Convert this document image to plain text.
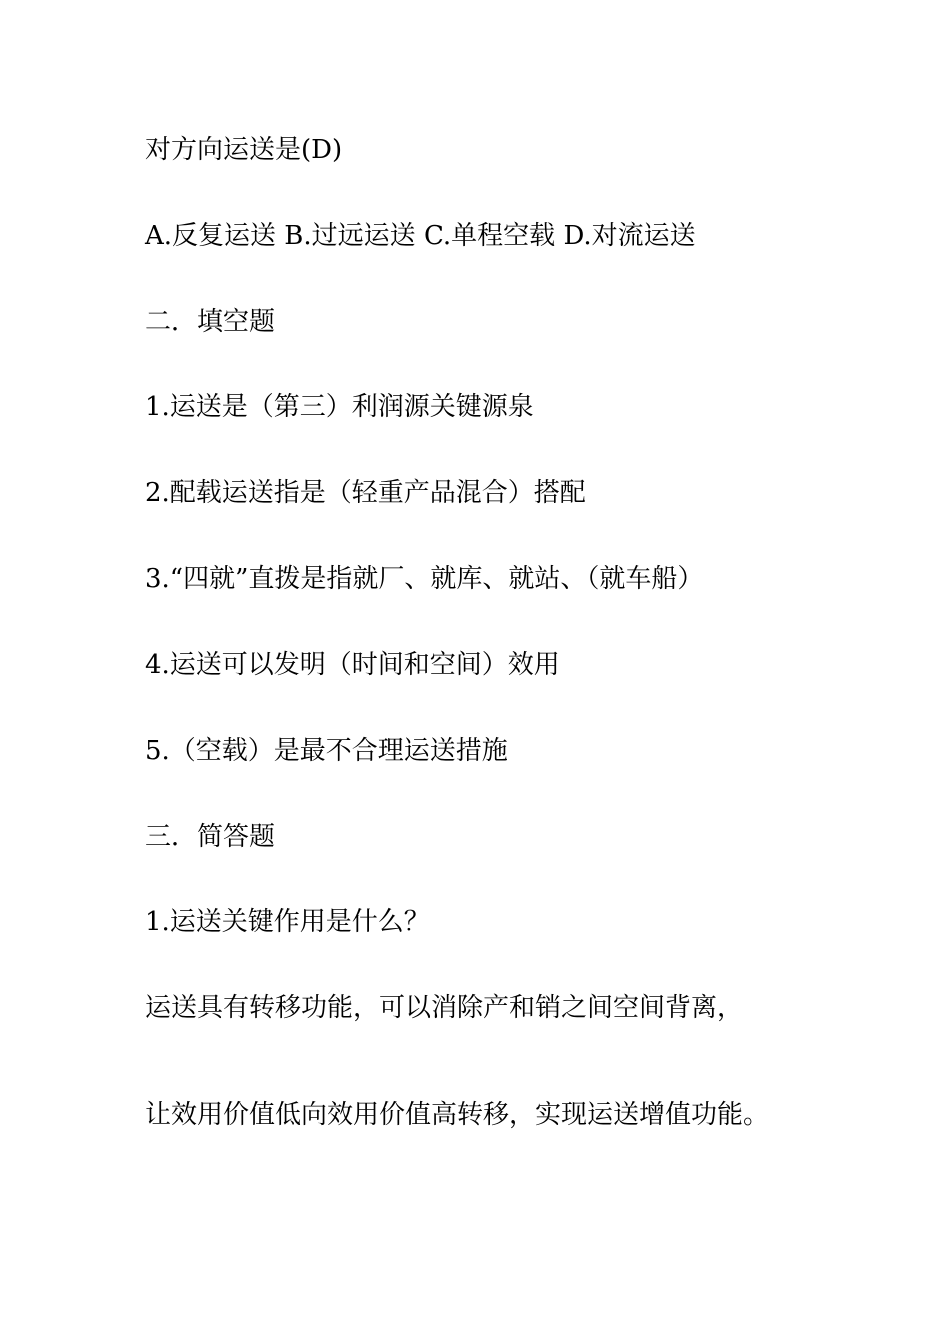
对方向运送是(D)
A.反复运送 B.过远运送 C.单程空载 D.对流运送
二．填空题
1.运送是（第三）利润源关键源泉
2.配载运送指是（轻重产品混合）搭配
3.“四就”直拨是指就厂、就库、就站、（就车船）
4.运送可以发明（时间和空间）效用
5.（空载）是最不合理运送措施
三．简答题
1.运送关键作用是什么？
运送具有转移功能，可以消除产和销之间空间背离，
让效用价值低向效用价值高转移，实现运送增值功能。
